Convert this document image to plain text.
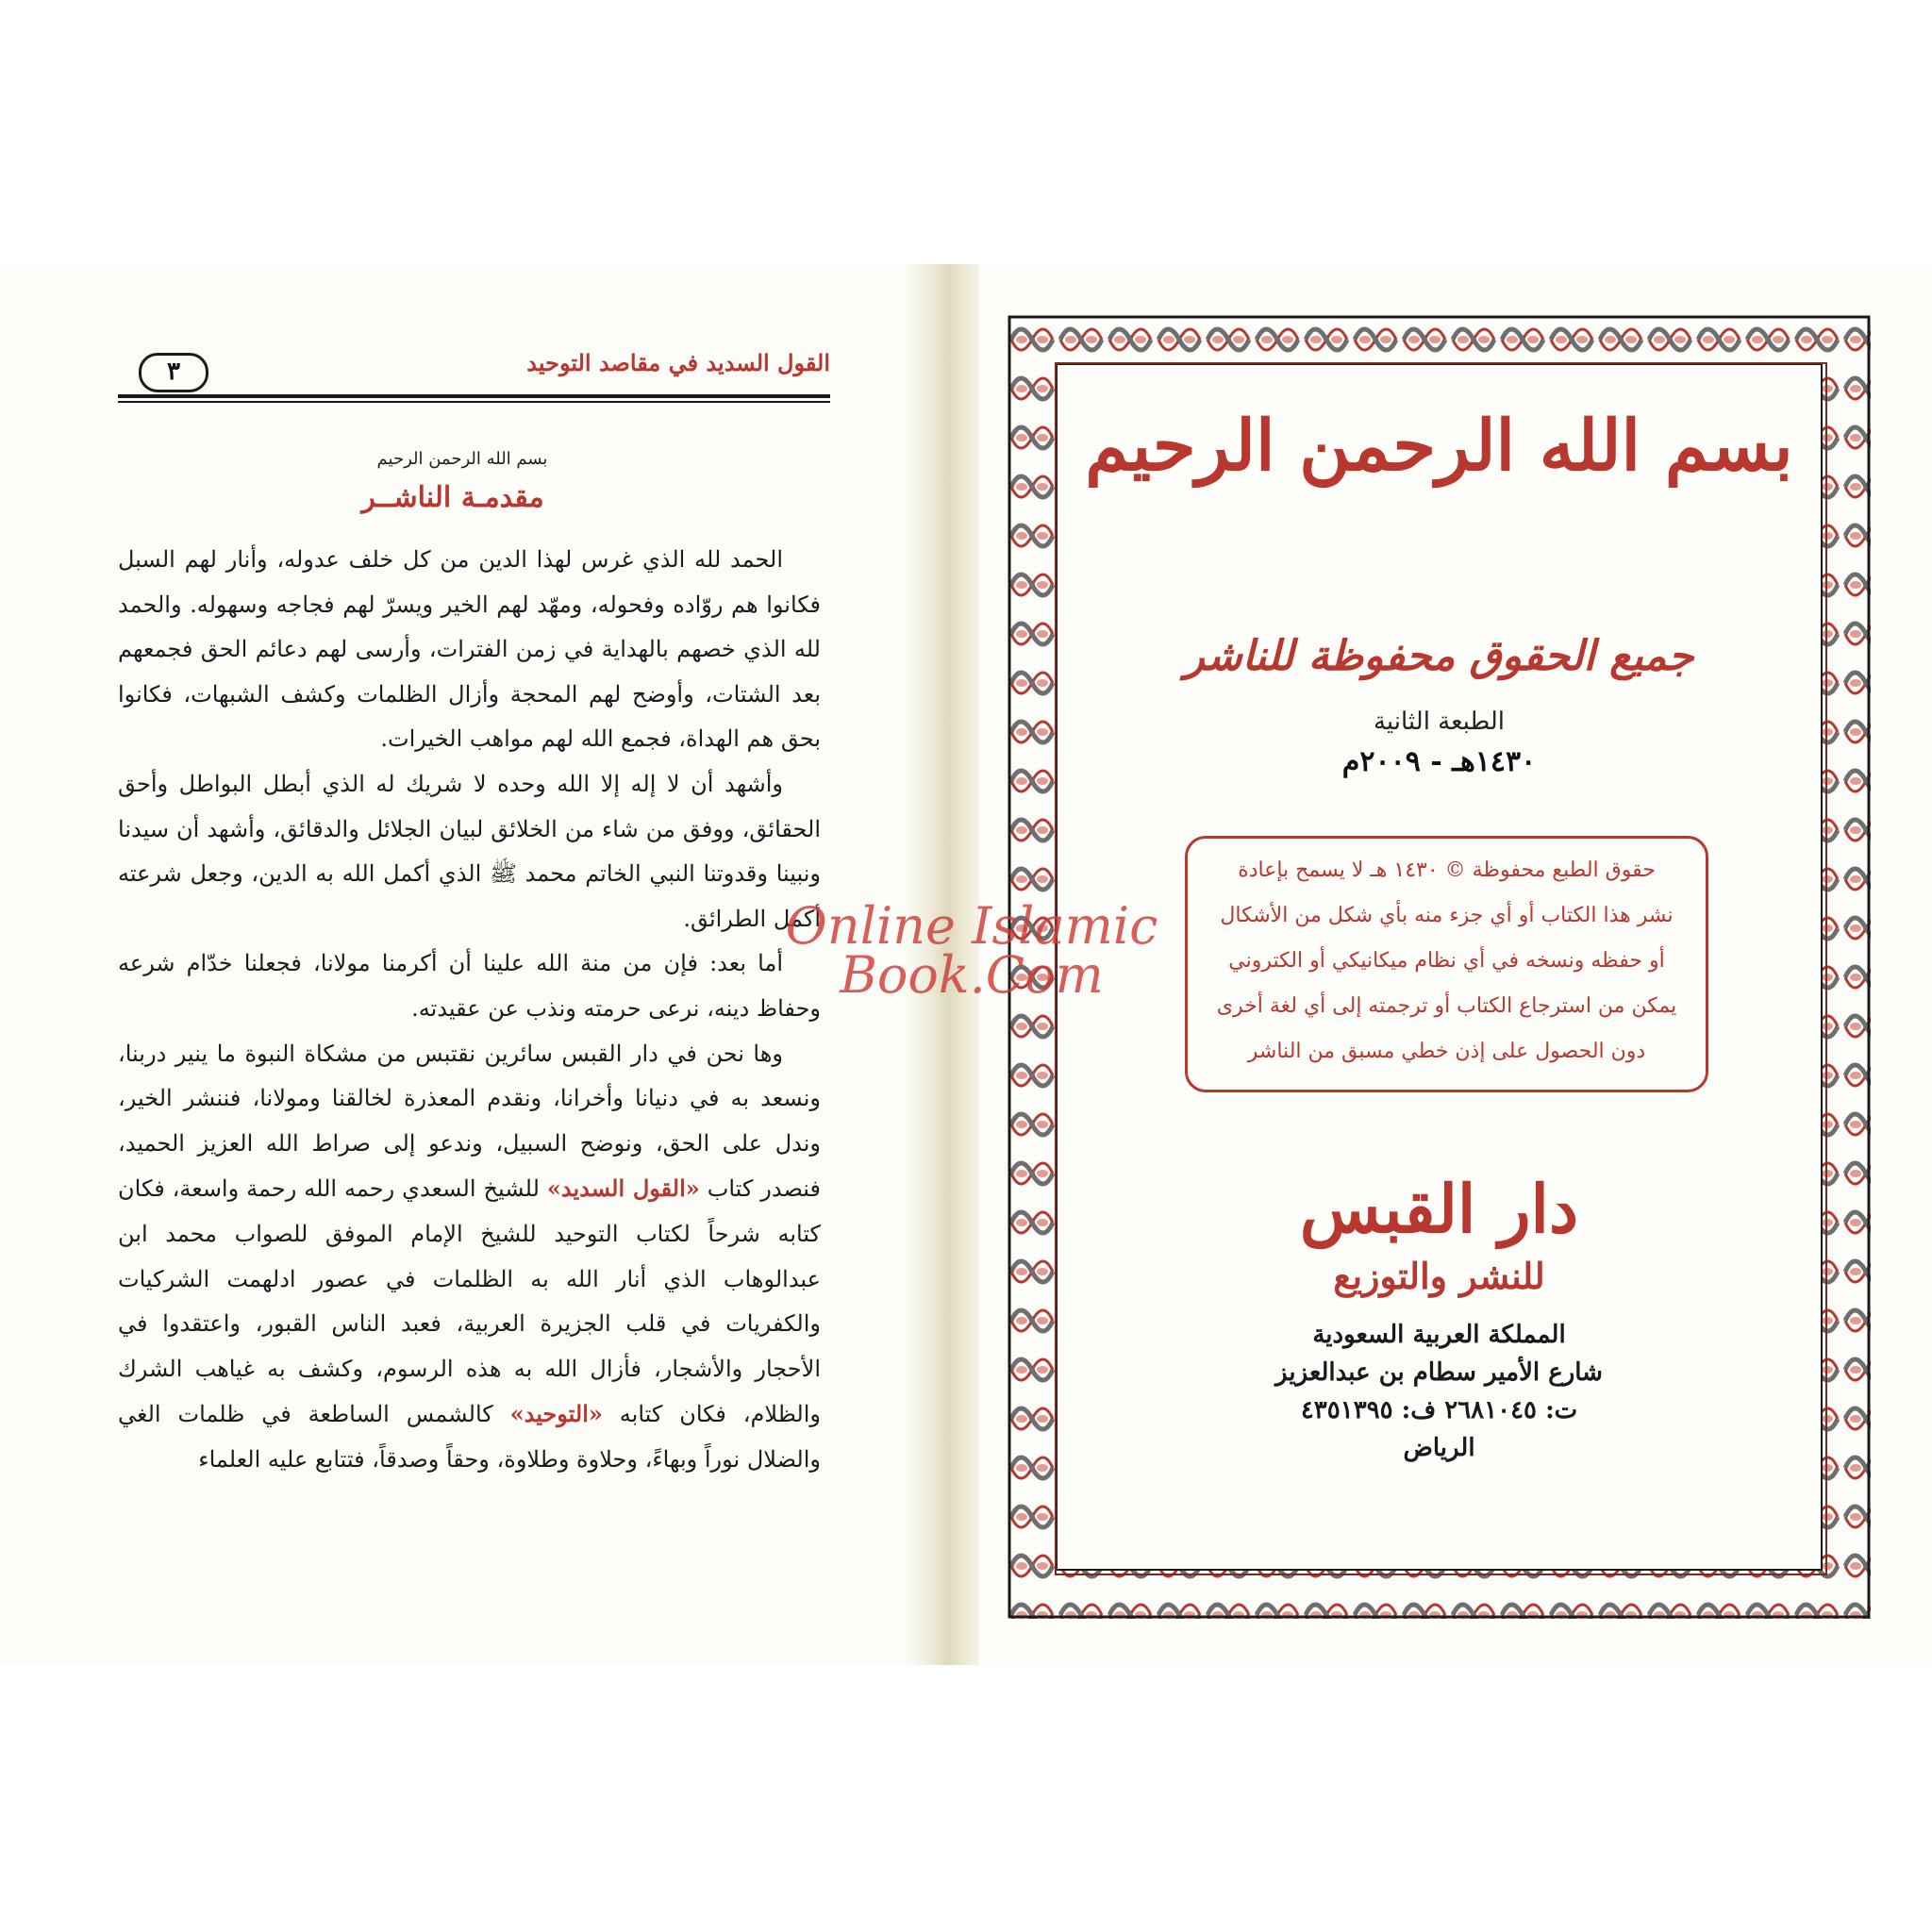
٣	القول السديد في مقاصد التوحيد
بسم الله الرحمن الرحيم
مقدمـة الناشــر

الحمد لله الذي غرس لهذا الدين من كل خلف عدوله، وأنار لهم السبل فكانوا هم روّاده وفحوله، ومهّد لهم الخير ويسرّ لهم فجاجه وسهوله. والحمد لله الذي خصهم بالهداية في زمن الفترات، وأرسى لهم دعائم الحق فجمعهم بعد الشتات، وأوضح لهم المحجة وأزال الظلمات وكشف الشبهات، فكانوا بحق هم الهداة، فجمع الله لهم مواهب الخيرات.

وأشهد أن لا إله إلا الله وحده لا شريك له الذي أبطل البواطل وأحق الحقائق، ووفق من شاء من الخلائق لبيان الجلائل والدقائق، وأشهد أن سيدنا ونبينا وقدوتنا النبي الخاتم محمد ﷺ الذي أكمل الله به الدين، وجعل شرعته أكمل الطرائق.

أما بعد: فإن من منة الله علينا أن أكرمنا مولانا، فجعلنا خدّام شرعه وحفاظ دينه، نرعى حرمته ونذب عن عقيدته.

وها نحن في دار القبس سائرين نقتبس من مشكاة النبوة ما ينير دربنا، ونسعد به في دنيانا وأخرانا، ونقدم المعذرة لخالقنا ومولانا، فننشر الخير، وندل على الحق، ونوضح السبيل، وندعو إلى صراط الله العزيز الحميد، فنصدر كتاب «القول السديد» للشيخ السعدي رحمه الله رحمة واسعة، فكان كتابه شرحاً لكتاب التوحيد للشيخ الإمام الموفق للصواب محمد ابن عبدالوهاب الذي أنار الله به الظلمات في عصور ادلهمت الشركيات والكفريات في قلب الجزيرة العربية، فعبد الناس القبور، واعتقدوا في الأحجار والأشجار، فأزال الله به هذه الرسوم، وكشف به غياهب الشرك والظلام، فكان كتابه «التوحيد» كالشمس الساطعة في ظلمات الغي والضلال نوراً وبهاءً، وحلاوة وطلاوة، وحقاً وصدقاً، فتتابع عليه العلماء

بسم الله الرحمن الرحيم
جميع الحقوق محفوظة للناشر
الطبعة الثانية
١٤٣٠هـ - ٢٠٠٩م
حقوق الطبع محفوظة © ١٤٣٠ هـ لا يسمح بإعادة
نشر هذا الكتاب أو أي جزء منه بأي شكل من الأشكال
أو حفظه ونسخه في أي نظام ميكانيكي أو الكتروني
يمكن من استرجاع الكتاب أو ترجمته إلى أي لغة أخرى
دون الحصول على إذن خطي مسبق من الناشر
دار القبس
للنشر والتوزيع
المملكة العربية السعودية
شارع الأمير سطام بن عبدالعزيز
ت: ٢٦٨١٠٤٥ ف: ٤٣٥١٣٩٥
الرياض
Online Islamic
Book.Com
